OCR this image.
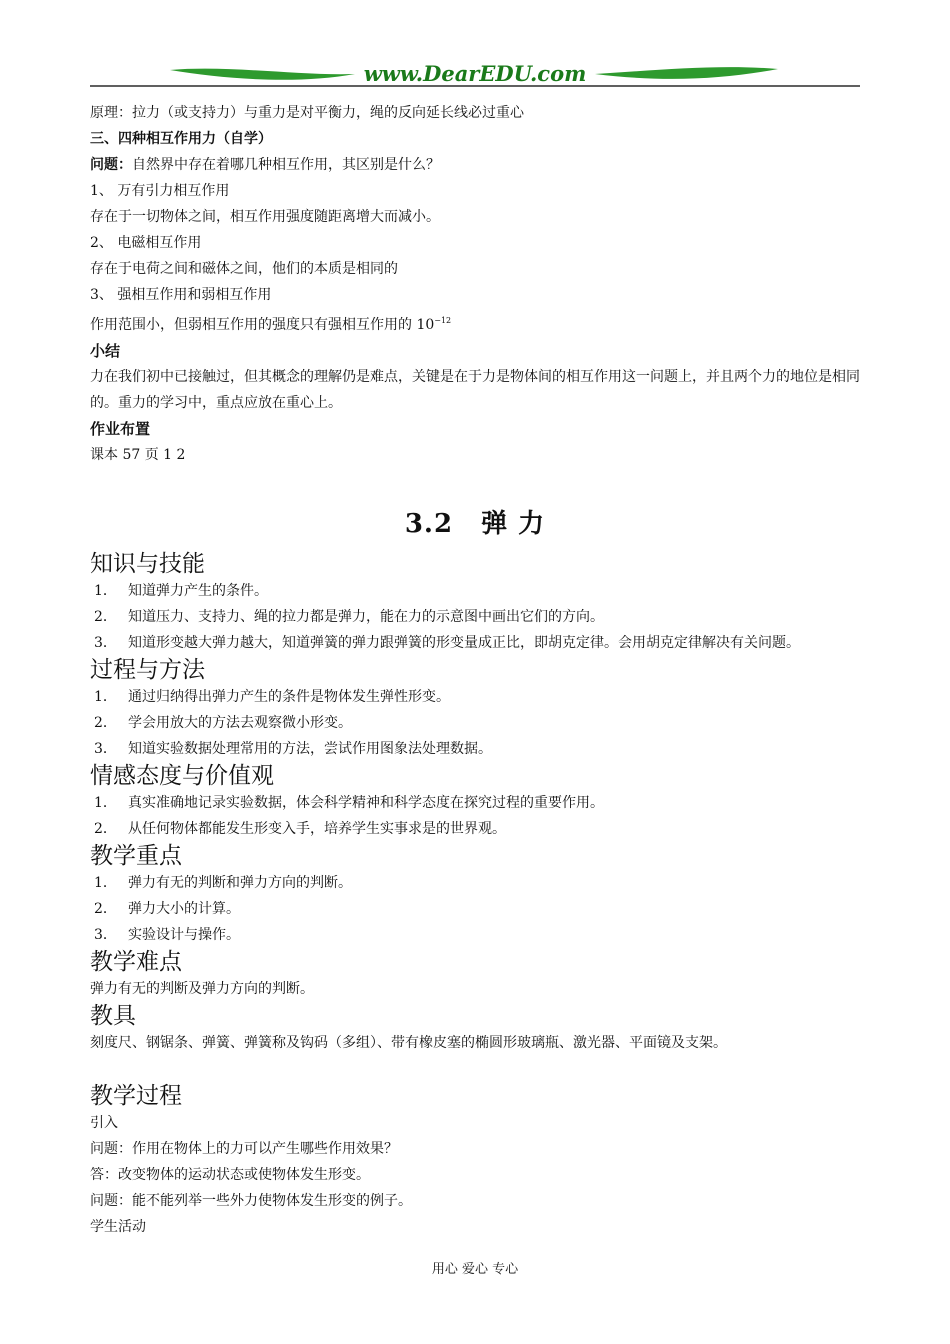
www.DearEDU.com

原理：拉力（或支持力）与重力是对平衡力，绳的反向延长线必过重心

三、四种相互作用力（自学）

问题：自然界中存在着哪几种相互作用，其区别是什么？

1、 万有引力相互作用

存在于一切物体之间，相互作用强度随距离增大而减小。

2、 电磁相互作用

存在于电荷之间和磁体之间，他们的本质是相同的

3、 强相互作用和弱相互作用

作用范围小，但弱相互作用的强度只有强相互作用的 $10^{-12}$

小结

力在我们初中已接触过，但其概念的理解仍是难点，关键是在于力是物体间的相互作用这一问题上，并且两个力的地位是相同的。重力的学习中，重点应放在重心上。

作业布置

课本 57 页 1 2

3.2 弹 力
知识与技能

1． 知道弹力产生的条件。

2． 知道压力、支持力、绳的拉力都是弹力，能在力的示意图中画出它们的方向。

3． 知道形变越大弹力越大，知道弹簧的弹力跟弹簧的形变量成正比，即胡克定律。会用胡克定律解决有关问题。

过程与方法

1． 通过归纳得出弹力产生的条件是物体发生弹性形变。

2． 学会用放大的方法去观察微小形变。

3． 知道实验数据处理常用的方法，尝试作用图象法处理数据。

情感态度与价值观

1． 真实准确地记录实验数据，体会科学精神和科学态度在探究过程的重要作用。

2． 从任何物体都能发生形变入手，培养学生实事求是的世界观。

教学重点

1． 弹力有无的判断和弹力方向的判断。

2． 弹力大小的计算。

3． 实验设计与操作。

教学难点

弹力有无的判断及弹力方向的判断。

教具

刻度尺、钢锯条、弹簧、弹簧称及钩码（多组）、带有橡皮塞的椭圆形玻璃瓶、激光器、平面镜及支架。

教学过程

引入

问题：作用在物体上的力可以产生哪些作用效果？

答：改变物体的运动状态或使物体发生形变。

问题：能不能列举一些外力使物体发生形变的例子。

学生活动

用心 爱心 专心
